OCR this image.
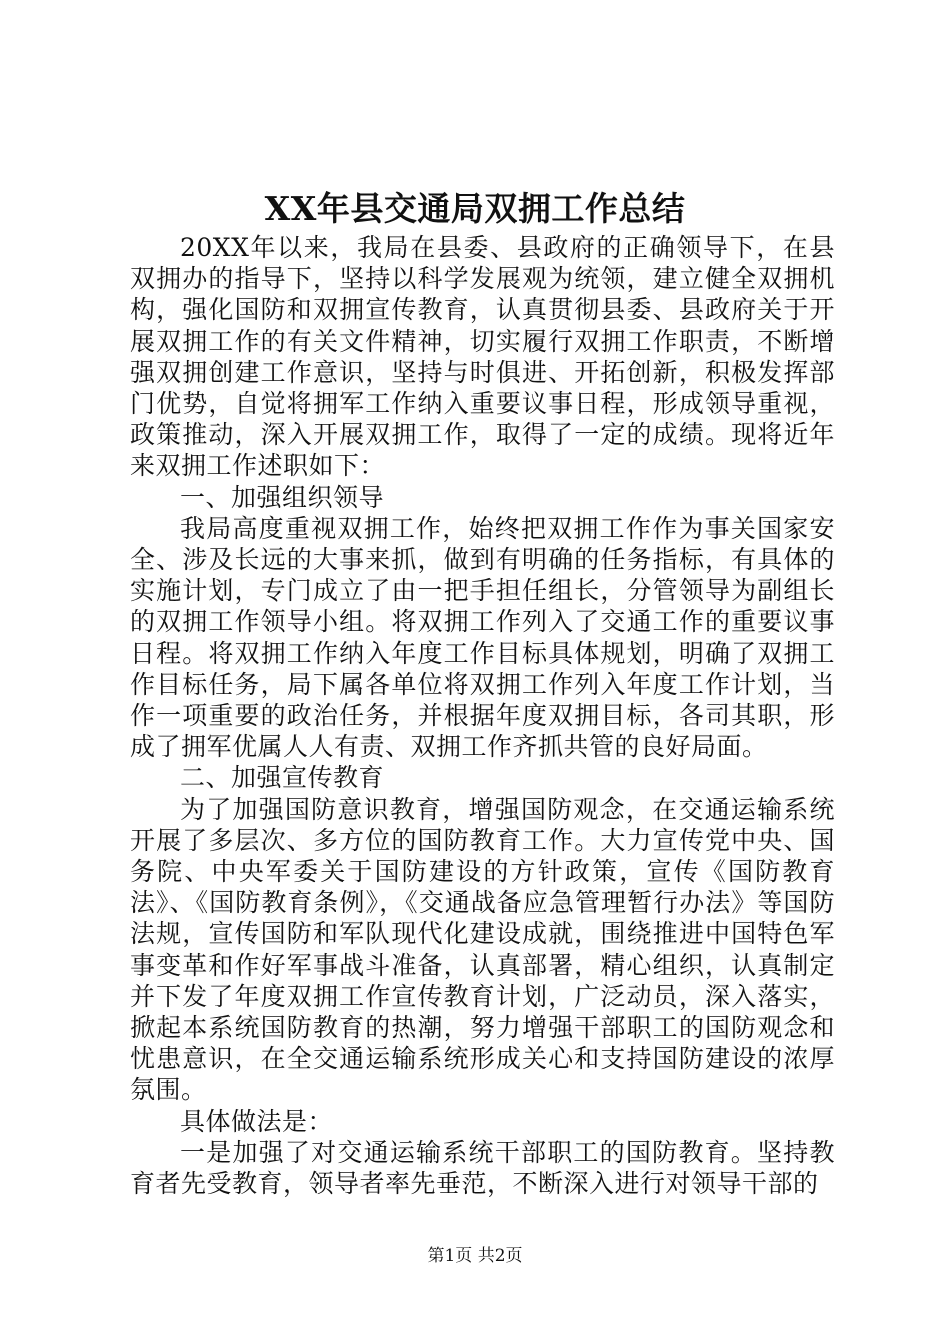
XX年县交通局双拥工作总结

20XX年以来，我局在县委、县政府的正确领导下，在县双拥办的指导下，坚持以科学发展观为统领，建立健全双拥机构，强化国防和双拥宣传教育，认真贯彻县委、县政府关于开展双拥工作的有关文件精神，切实履行双拥工作职责，不断增强双拥创建工作意识，坚持与时俱进、开拓创新，积极发挥部门优势，自觉将拥军工作纳入重要议事日程，形成领导重视，政策推动，深入开展双拥工作，取得了一定的成绩。现将近年来双拥工作述职如下：

一、加强组织领导

我局高度重视双拥工作，始终把双拥工作作为事关国家安全、涉及长远的大事来抓，做到有明确的任务指标，有具体的实施计划，专门成立了由一把手担任组长，分管领导为副组长的双拥工作领导小组。将双拥工作列入了交通工作的重要议事日程。将双拥工作纳入年度工作目标具体规划，明确了双拥工作目标任务，局下属各单位将双拥工作列入年度工作计划，当作一项重要的政治任务，并根据年度双拥目标，各司其职，形成了拥军优属人人有责、双拥工作齐抓共管的良好局面。

二、加强宣传教育

为了加强国防意识教育，增强国防观念，在交通运输系统开展了多层次、多方位的国防教育工作。大力宣传党中央、国务院、中央军委关于国防建设的方针政策，宣传《国防教育法》、《国防教育条例》，《交通战备应急管理暂行办法》等国防法规，宣传国防和军队现代化建设成就，围绕推进中国特色军事变革和作好军事战斗准备，认真部署，精心组织，认真制定并下发了年度双拥工作宣传教育计划，广泛动员，深入落实，掀起本系统国防教育的热潮，努力增强干部职工的国防观念和忧患意识，在全交通运输系统形成关心和支持国防建设的浓厚氛围。

具体做法是：

一是加强了对交通运输系统干部职工的国防教育。坚持教育者先受教育，领导者率先垂范，不断深入进行对领导干部的

第1页 共2页
